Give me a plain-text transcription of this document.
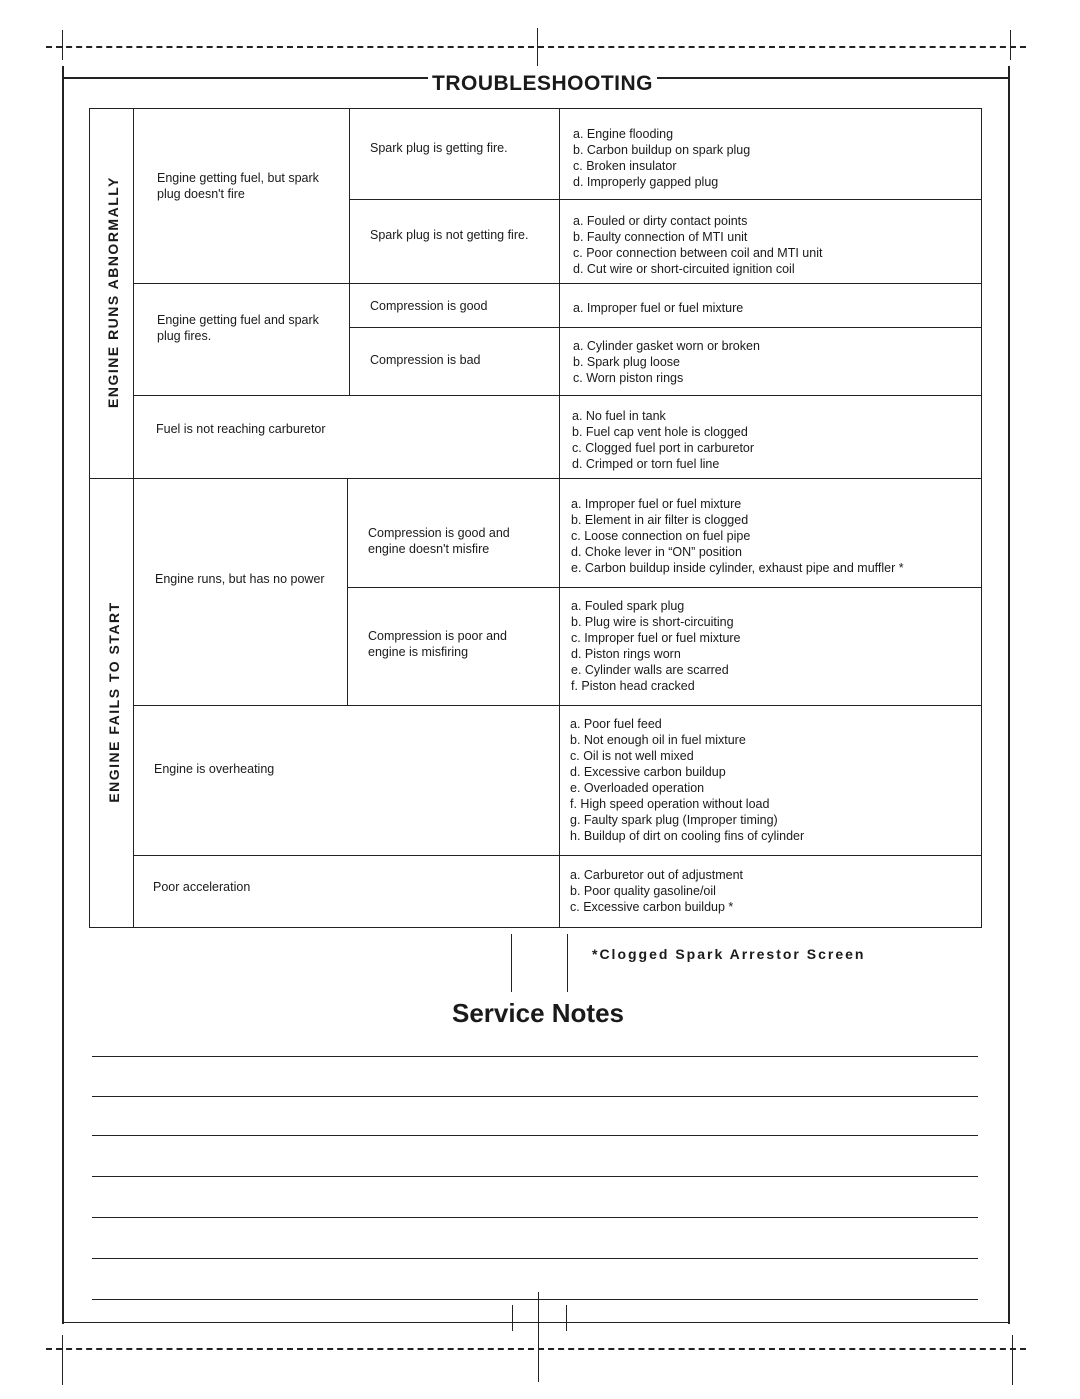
TROUBLESHOOTING
ENGINE RUNS ABNORMALLY
ENGINE FAILS TO START
Engine getting fuel, but spark plug doesn't fire
Spark plug is getting fire.
a. Engine flooding
b. Carbon buildup on spark plug
c. Broken insulator
d. Improperly gapped plug
Spark plug is not getting fire.
a. Fouled or dirty contact points
b. Faulty connection of MTI unit
c. Poor connection between coil and MTI unit
d. Cut wire or short-circuited ignition coil
Engine getting fuel and spark plug fires.
Compression is good	a. Improper fuel or fuel mixture
Compression is bad
a. Cylinder gasket worn or broken
b. Spark plug loose
c. Worn piston rings
Fuel is not reaching carburetor
a. No fuel in tank
b. Fuel cap vent hole is clogged
c. Clogged fuel port in carburetor
d. Crimped or torn fuel line
Engine runs, but has no power
Compression is good and engine doesn't misfire
a. Improper fuel or fuel mixture
b. Element in air filter is clogged
c. Loose connection on fuel pipe
d. Choke lever in “ON” position
e. Carbon buildup inside cylinder, exhaust pipe and muffler *
Compression is poor and engine is misfiring
a. Fouled spark plug
b. Plug wire is short-circuiting
c. Improper fuel or fuel mixture
d. Piston rings worn
e. Cylinder walls are scarred
f. Piston head cracked
Engine is overheating
a. Poor fuel feed
b. Not enough oil in fuel mixture
c. Oil is not well mixed
d. Excessive carbon buildup
e. Overloaded operation
f. High speed operation without load
g. Faulty spark plug (Improper timing)
h. Buildup of dirt on cooling fins of cylinder
Poor acceleration
a. Carburetor out of adjustment
b. Poor quality gasoline/oil
c. Excessive carbon buildup *
*Clogged Spark Arrestor Screen
Service Notes
